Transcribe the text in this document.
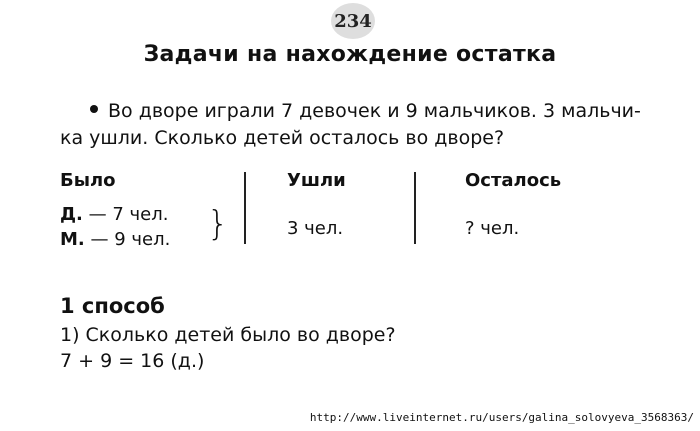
234
Задачи на нахождение остатка
Во дворе играли 7 девочек и 9 мальчиков. 3 мальчи-
ка ушли. Сколько детей осталось во дворе?
Было	Ушли	Осталось
Д. — 7 чел.
М. — 9 чел. }	3 чел.	? чел.
1 способ
1) Сколько детей было во дворе?
7 + 9 = 16 (д.)
http://www.liveinternet.ru/users/galina_solovyeva_3568363/
